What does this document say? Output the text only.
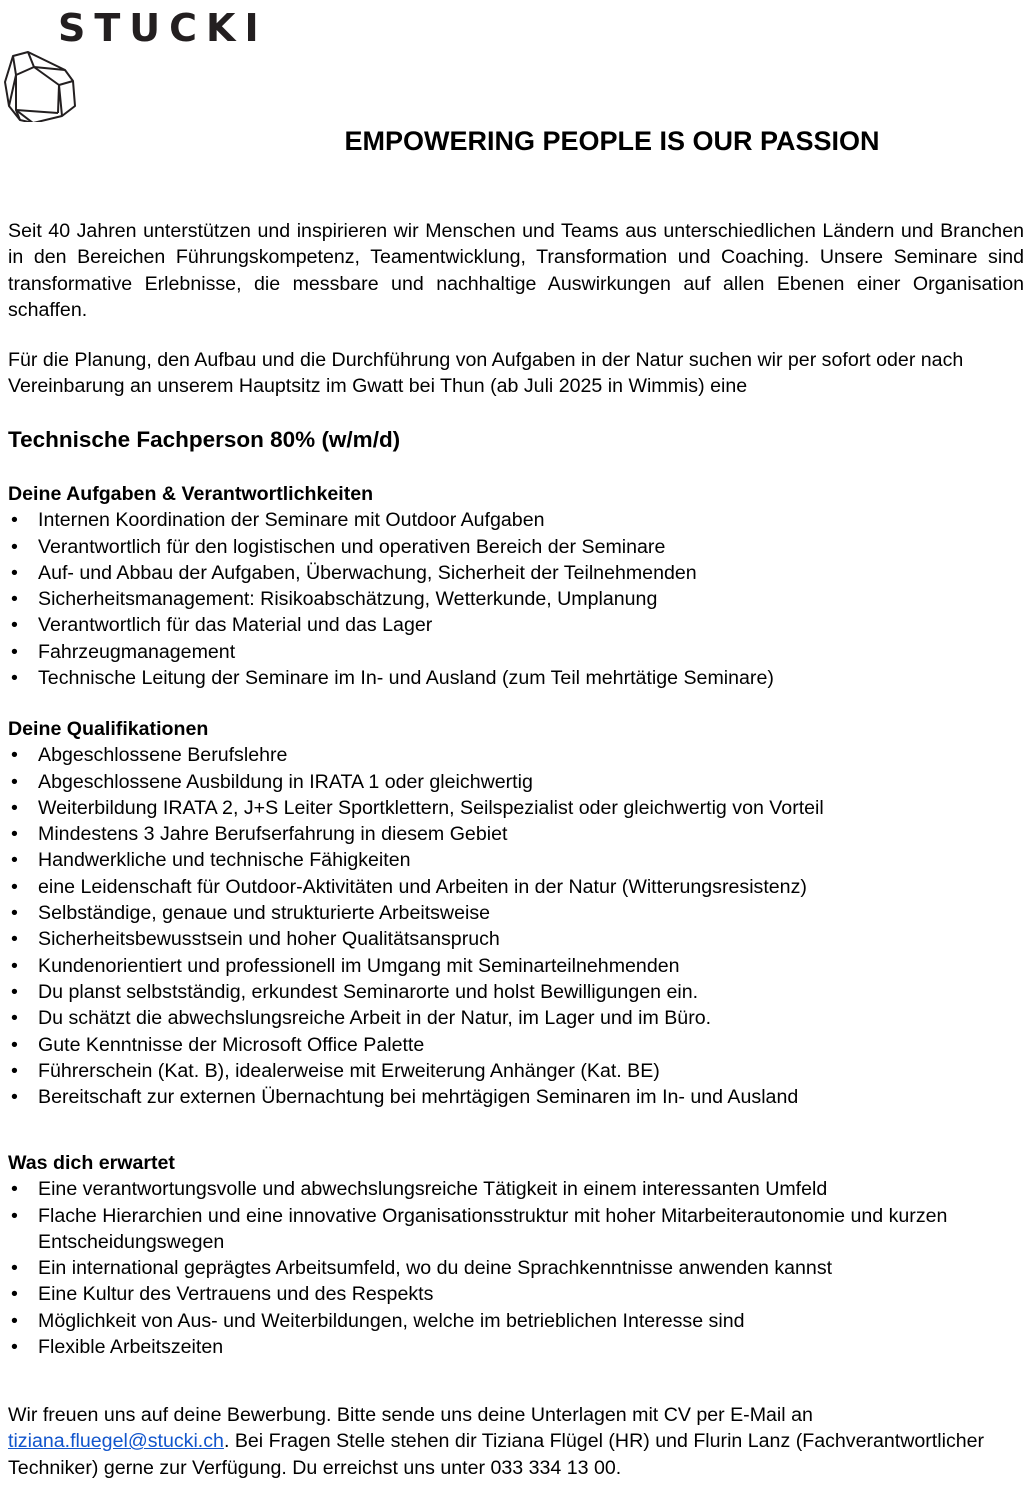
STUCKI
EMPOWERING PEOPLE IS OUR PASSION

Seit 40 Jahren unterstützen und inspirieren wir Menschen und Teams aus unterschiedlichen Ländern und Branchen in den Bereichen Führungskompetenz, Teamentwicklung, Transformation und Coaching. Unsere Seminare sind transformative Erlebnisse, die messbare und nachhaltige Auswirkungen auf allen Ebenen einer Organisation schaffen.

Für die Planung, den Aufbau und die Durchführung von Aufgaben in der Natur suchen wir per sofort oder nach Vereinbarung an unserem Hauptsitz im Gwatt bei Thun (ab Juli 2025 in Wimmis) eine

Technische Fachperson 80% (w/m/d)
Deine Aufgaben & Verantwortlichkeiten
• Internen Koordination der Seminare mit Outdoor Aufgaben
• Verantwortlich für den logistischen und operativen Bereich der Seminare
• Auf- und Abbau der Aufgaben, Überwachung, Sicherheit der Teilnehmenden
• Sicherheitsmanagement: Risikoabschätzung, Wetterkunde, Umplanung
• Verantwortlich für das Material und das Lager
• Fahrzeugmanagement
• Technische Leitung der Seminare im In- und Ausland (zum Teil mehrtätige Seminare)
Deine Qualifikationen
• Abgeschlossene Berufslehre
• Abgeschlossene Ausbildung in IRATA 1 oder gleichwertig
• Weiterbildung IRATA 2, J+S Leiter Sportklettern, Seilspezialist oder gleichwertig von Vorteil
• Mindestens 3 Jahre Berufserfahrung in diesem Gebiet
• Handwerkliche und technische Fähigkeiten
• eine Leidenschaft für Outdoor-Aktivitäten und Arbeiten in der Natur (Witterungsresistenz)
• Selbständige, genaue und strukturierte Arbeitsweise
• Sicherheitsbewusstsein und hoher Qualitätsanspruch
• Kundenorientiert und professionell im Umgang mit Seminarteilnehmenden
• Du planst selbstständig, erkundest Seminarorte und holst Bewilligungen ein.
• Du schätzt die abwechslungsreiche Arbeit in der Natur, im Lager und im Büro.
• Gute Kenntnisse der Microsoft Office Palette
• Führerschein (Kat. B), idealerweise mit Erweiterung Anhänger (Kat. BE)
• Bereitschaft zur externen Übernachtung bei mehrtägigen Seminaren im In- und Ausland
Was dich erwartet
• Eine verantwortungsvolle und abwechslungsreiche Tätigkeit in einem interessanten Umfeld
• Flache Hierarchien und eine innovative Organisationsstruktur mit hoher Mitarbeiterautonomie und kurzen Entscheidungswegen
• Ein international geprägtes Arbeitsumfeld, wo du deine Sprachkenntnisse anwenden kannst
• Eine Kultur des Vertrauens und des Respekts
• Möglichkeit von Aus- und Weiterbildungen, welche im betrieblichen Interesse sind
• Flexible Arbeitszeiten

Wir freuen uns auf deine Bewerbung. Bitte sende uns deine Unterlagen mit CV per E-Mail an tiziana.fluegel@stucki.ch. Bei Fragen Stelle stehen dir Tiziana Flügel (HR) und Flurin Lanz (Fachverantwortlicher Techniker) gerne zur Verfügung. Du erreichst uns unter 033 334 13 00.
